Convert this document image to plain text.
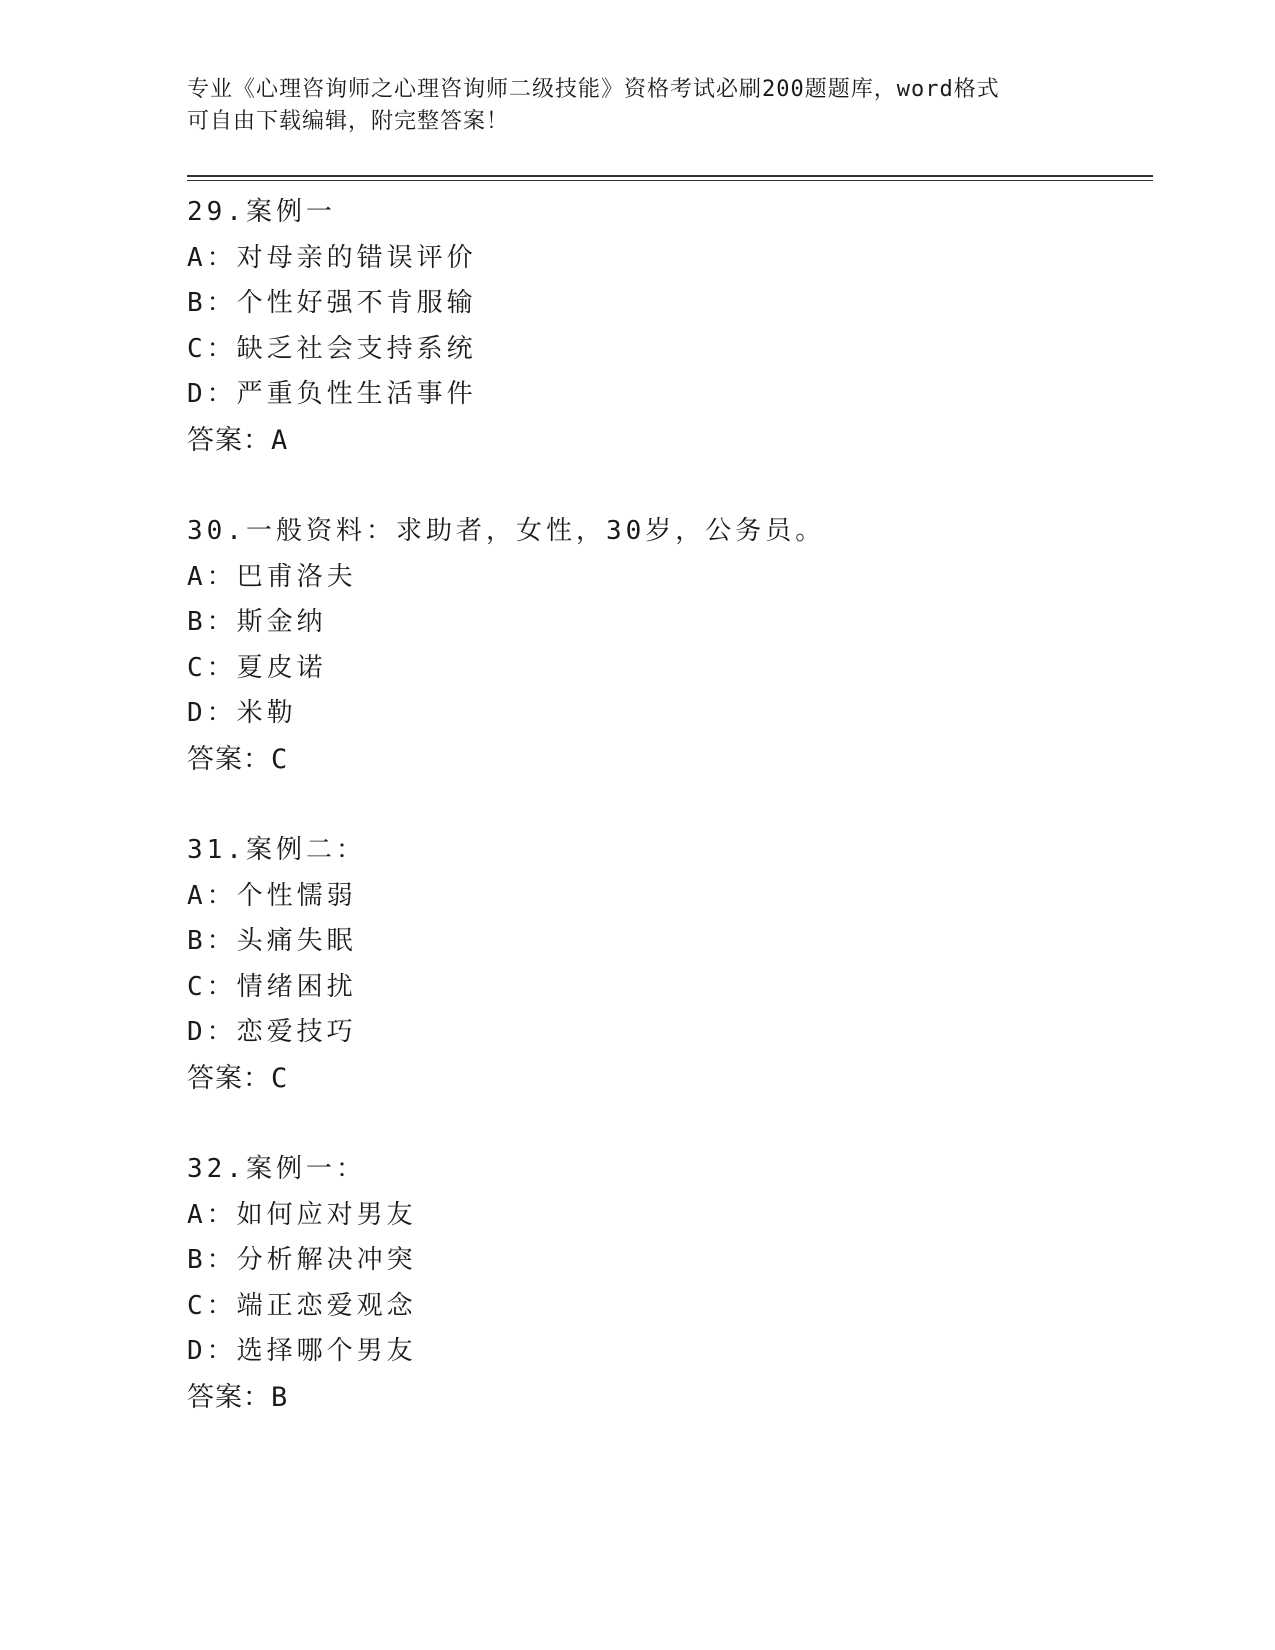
专业《心理咨询师之心理咨询师二级技能》资格考试必刷200题题库，word格式
可自由下载编辑，附完整答案！
29.案例一
A：对母亲的错误评价
B：个性好强不肯服输
C：缺乏社会支持系统
D：严重负性生活事件
答案：A
30.一般资料：求助者，女性，30岁，公务员。
A：巴甫洛夫
B：斯金纳
C：夏皮诺
D：米勒
答案：C
31.案例二：
A：个性懦弱
B：头痛失眠
C：情绪困扰
D：恋爱技巧
答案：C
32.案例一：
A：如何应对男友
B：分析解决冲突
C：端正恋爱观念
D：选择哪个男友
答案：B
